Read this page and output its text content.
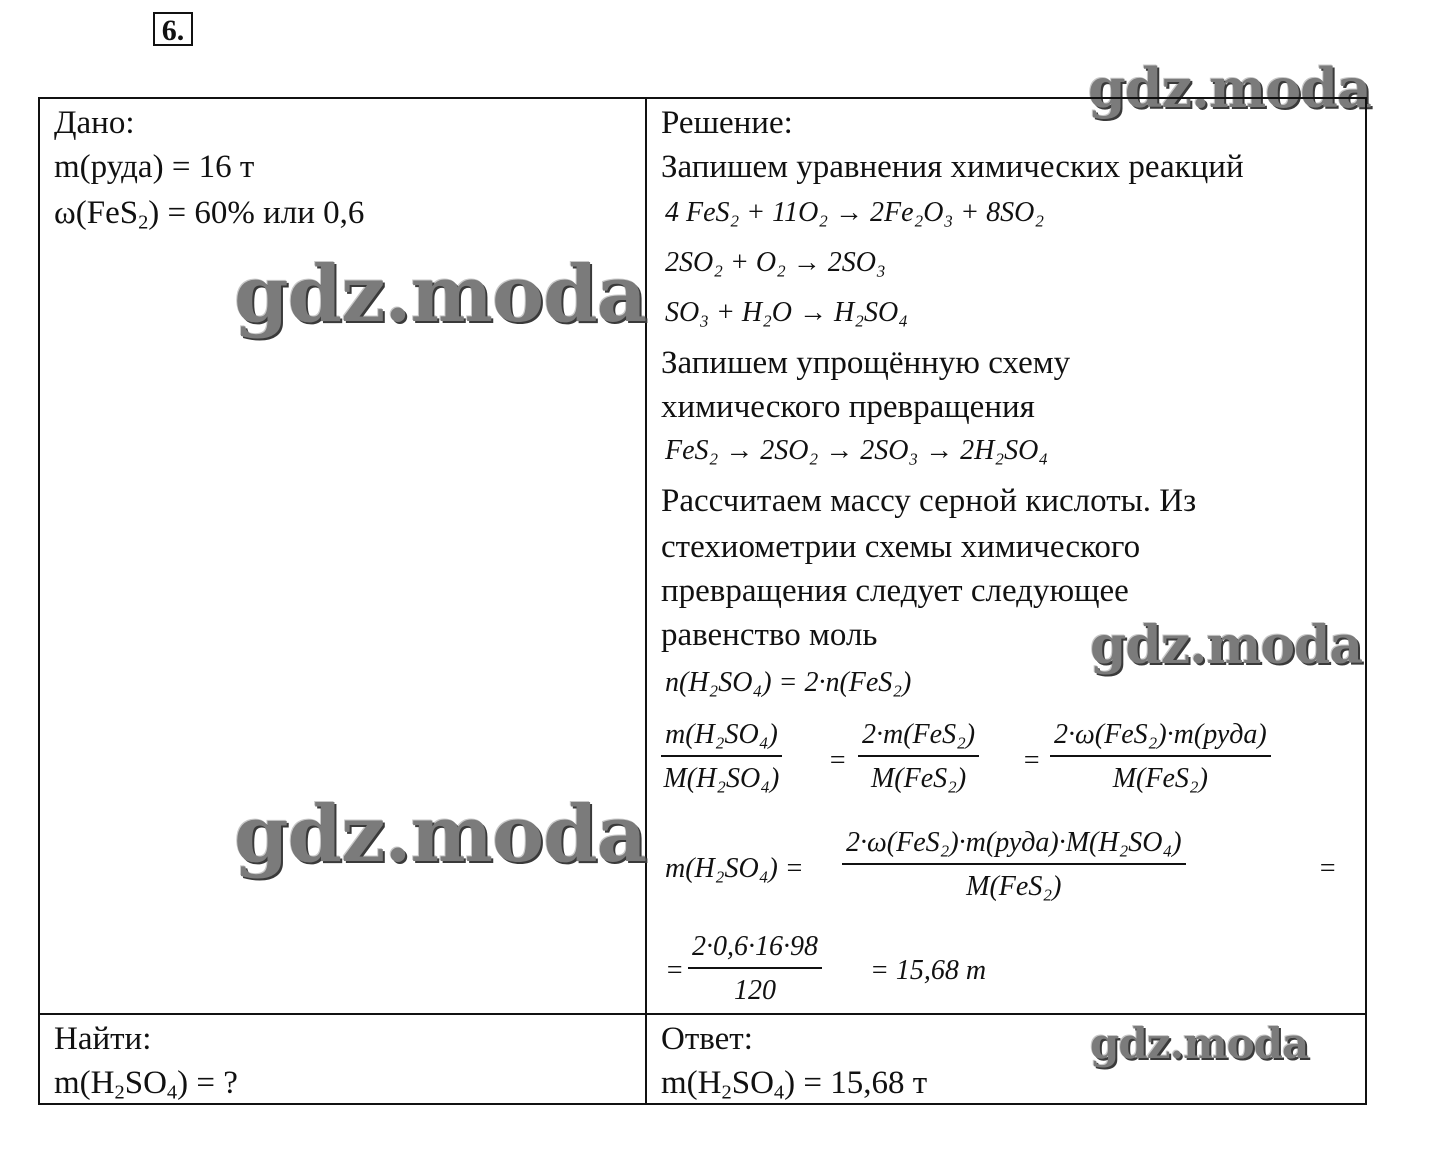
6.
gdz.moda
Дано:
m(руда) = 16 т
ω(FeS$_2$) = 60% или 0,6
Найти:
$m(H_2SO_4)$ = ?
Решение:
Запишем уравнения химических реакций
4 FeS₂ + 11O₂ → 2Fe₂O₃ + 8SO₂
2SO₂ + O₂ → 2SO₃
SO₃ + H₂O → H₂SO₄
Запишем упрощённую схему
химического превращения
FeS₂ → 2SO₂ → 2SO₃ → 2H₂SO₄
Рассчитаем массу серной кислоты. Из
стехиометрии схемы химического
превращения следует следующее
равенство моль
n(H₂SO₄) = 2·n(FeS₂)
$\frac{\text{m(H₂SO₄)}}{\text{M(H₂SO₄)}}$ =
2·m(FeS₂)
M(FeS₂)
=
2·ω(FeS₂)·m(руда)
M(FeS₂)
m(H₂SO₄) =
2·ω(FeS₂)·m(руда)·M(H₂SO₄)
M(FeS₂)
=
= $\frac{2\cdot 0,6\cdot 16\cdot 98}{120} = 15,68$ т
Ответ:
$m(H_2SO_4) = 15,68$ т
gdz.moda
gdz.moda
gdz.moda
gdz.moda
